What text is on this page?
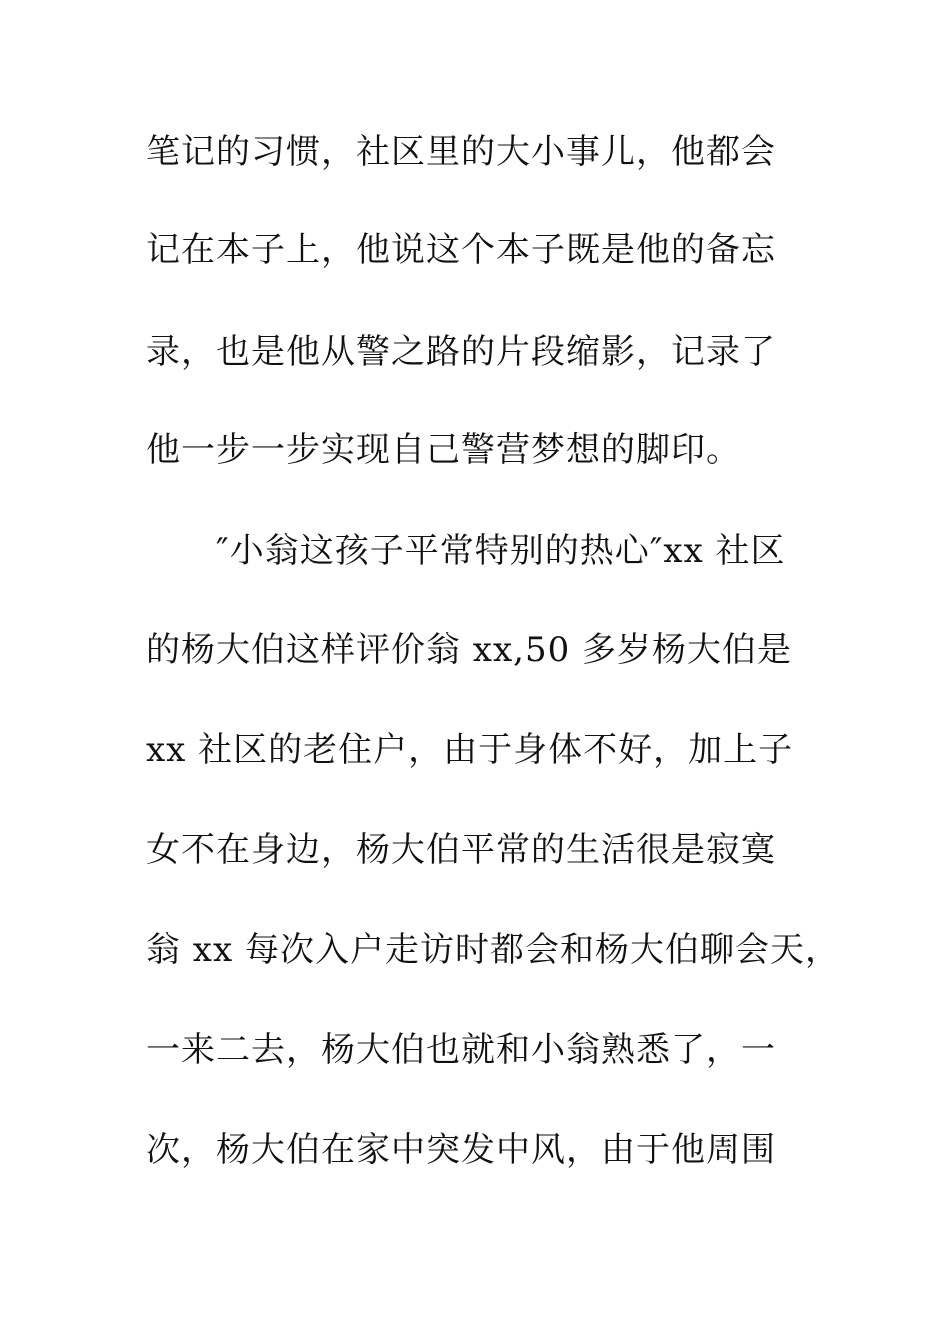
笔记的习惯，社区里的大小事儿，他都会
记在本子上，他说这个本子既是他的备忘
录，也是他从警之路的片段缩影，记录了
他一步一步实现自己警营梦想的脚印。
″小翁这孩子平常特别的热心″xx 社区
的杨大伯这样评价翁 xx,50 多岁杨大伯是
xx 社区的老住户，由于身体不好，加上子
女不在身边，杨大伯平常的生活很是寂寞
翁 xx 每次入户走访时都会和杨大伯聊会天，
一来二去，杨大伯也就和小翁熟悉了，一
次，杨大伯在家中突发中风，由于他周围
